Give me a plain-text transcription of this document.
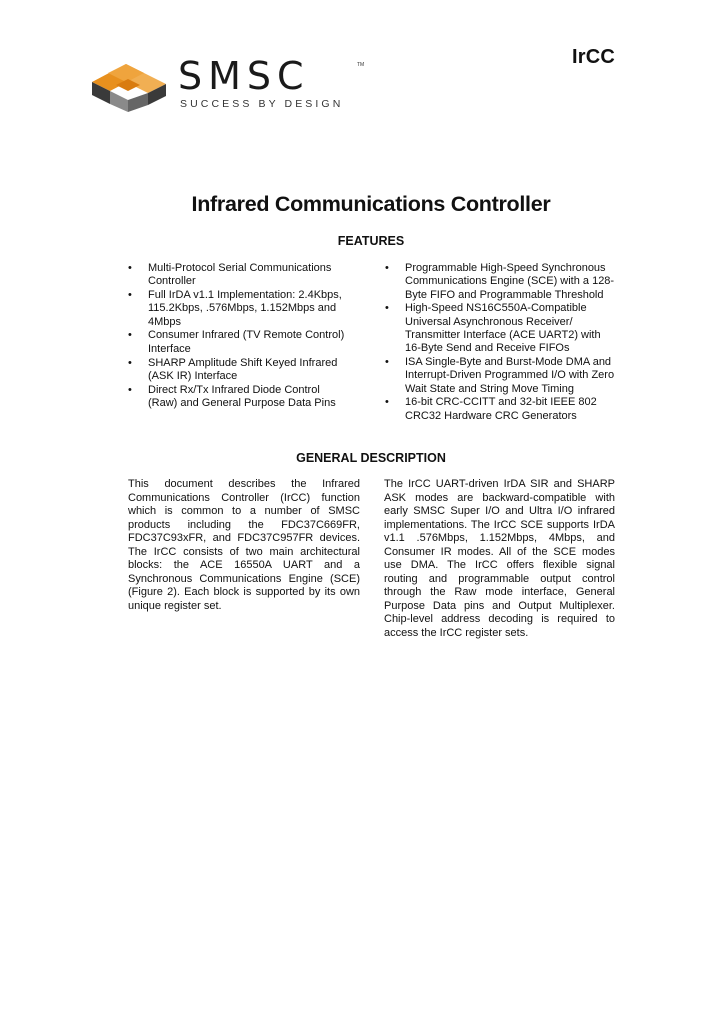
IrCC
SMSC	TM
SUCCESS BY DESIGN
Infrared Communications Controller
FEATURES
• Multi-Protocol Serial Communications Controller
• Full IrDA v1.1 Implementation: 2.4Kbps, 115.2Kbps, .576Mbps, 1.152Mbps and 4Mbps
• Consumer Infrared (TV Remote Control) Interface
• SHARP Amplitude Shift Keyed Infrared (ASK IR) Interface
• Direct Rx/Tx Infrared Diode Control (Raw) and General Purpose Data Pins
• Programmable High-Speed Synchronous Communications Engine (SCE) with a 128-Byte FIFO and Programmable Threshold
• High-Speed NS16C550A-Compatible Universal Asynchronous Receiver/ Transmitter Interface (ACE UART2) with 16-Byte Send and Receive FIFOs
• ISA Single-Byte and Burst-Mode DMA and Interrupt-Driven Programmed I/O with Zero Wait State and String Move Timing
• 16-bit CRC-CCITT and 32-bit IEEE 802 CRC32 Hardware CRC Generators
GENERAL DESCRIPTION

This document describes the Infrared Communications Controller (IrCC) function which is common to a number of SMSC products including the FDC37C669FR, FDC37C93xFR, and FDC37C957FR devices. The IrCC consists of two main architectural blocks: the ACE 16550A UART and a Synchronous Communications Engine (SCE) (Figure 2). Each block is supported by its own unique register set.

The IrCC UART-driven IrDA SIR and SHARP ASK modes are backward-compatible with early SMSC Super I/O and Ultra I/O infrared implementations. The IrCC SCE supports IrDA v1.1 .576Mbps, 1.152Mbps, 4Mbps, and Consumer IR modes. All of the SCE modes use DMA. The IrCC offers flexible signal routing and programmable output control through the Raw mode interface, General Purpose Data pins and Output Multiplexer. Chip-level address decoding is required to access the IrCC register sets.
